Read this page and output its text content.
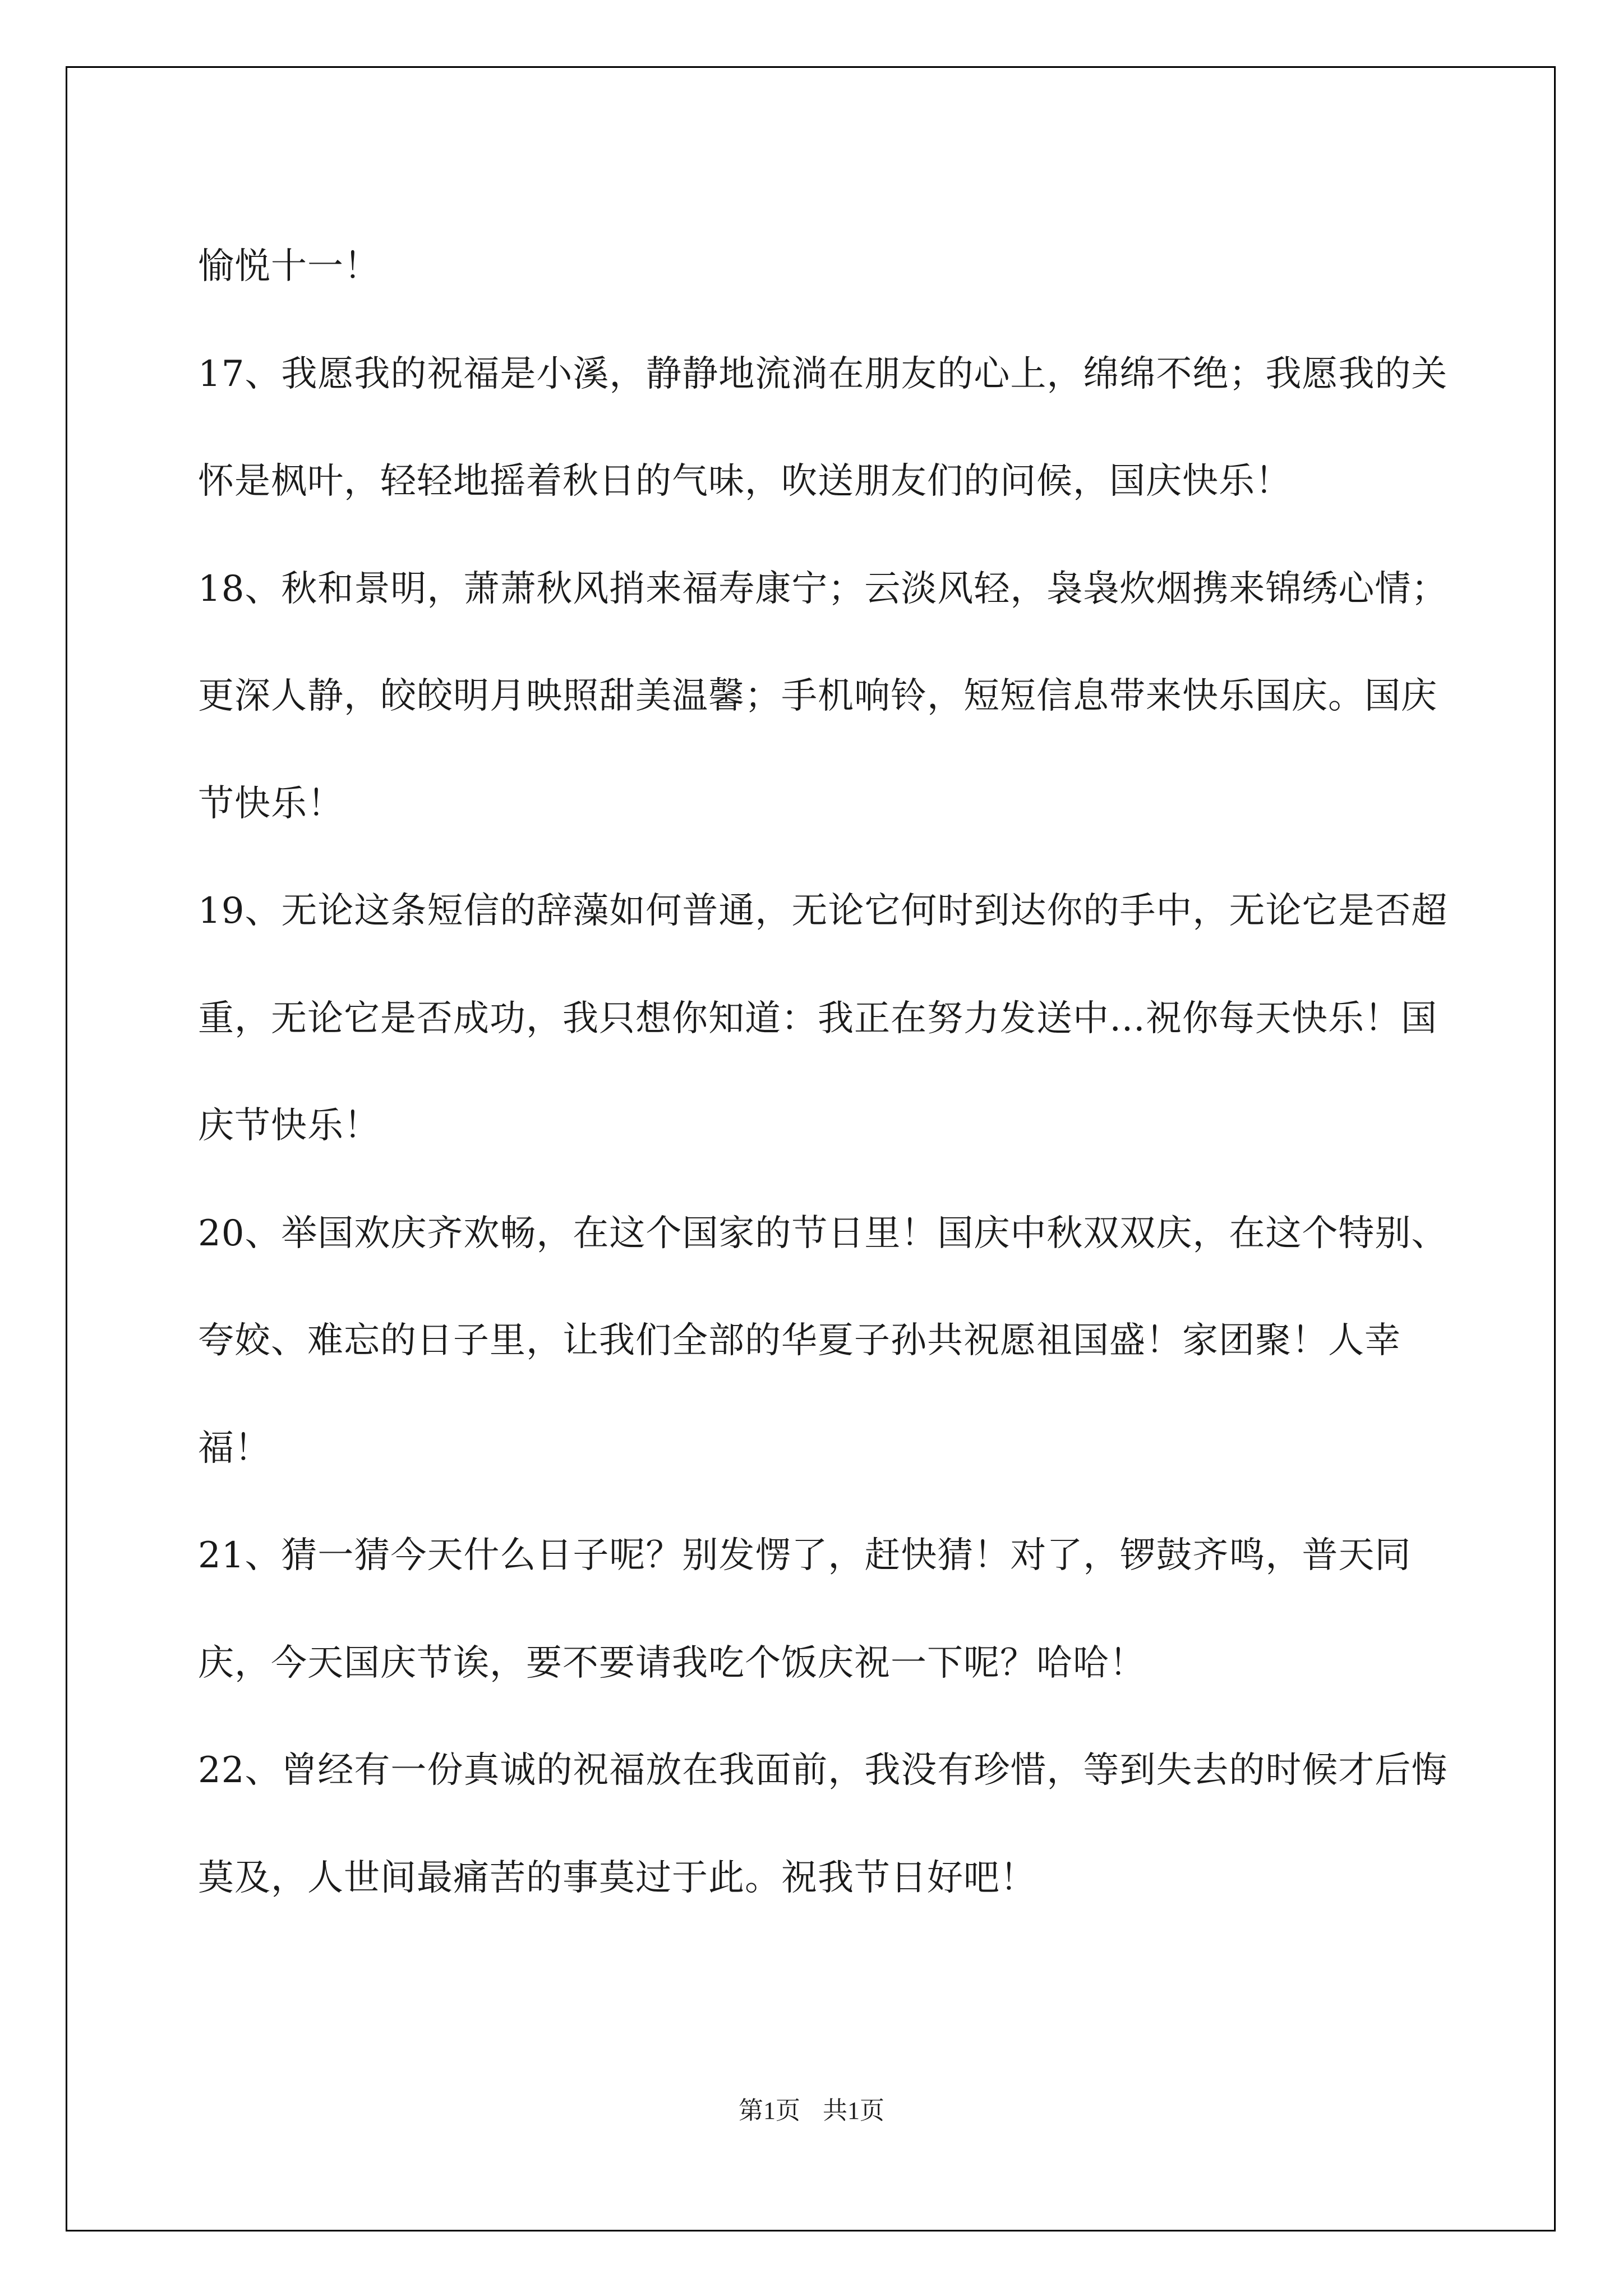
愉悦十一！

17、我愿我的祝福是小溪，静静地流淌在朋友的心上，绵绵不绝；我愿我的关怀是枫叶，轻轻地摇着秋日的气味，吹送朋友们的问候，国庆快乐！

18、秋和景明，萧萧秋风捎来福寿康宁；云淡风轻，袅袅炊烟携来锦绣心情；更深人静，皎皎明月映照甜美温馨；手机响铃，短短信息带来快乐国庆。国庆节快乐！

19、无论这条短信的辞藻如何普通，无论它何时到达你的手中，无论它是否超重，无论它是否成功，我只想你知道：我正在努力发送中…祝你每天快乐！国庆节快乐！

20、举国欢庆齐欢畅，在这个国家的节日里！国庆中秋双双庆，在这个特别、夸姣、难忘的日子里，让我们全部的华夏子孙共祝愿祖国盛！家团聚！人幸福！

21、猜一猜今天什么日子呢？别发愣了，赶快猜！对了，锣鼓齐鸣，普天同庆，今天国庆节诶，要不要请我吃个饭庆祝一下呢？哈哈！

22、曾经有一份真诚的祝福放在我面前，我没有珍惜，等到失去的时候才后悔莫及，人世间最痛苦的事莫过于此。祝我节日好吧！

第1页 共1页
